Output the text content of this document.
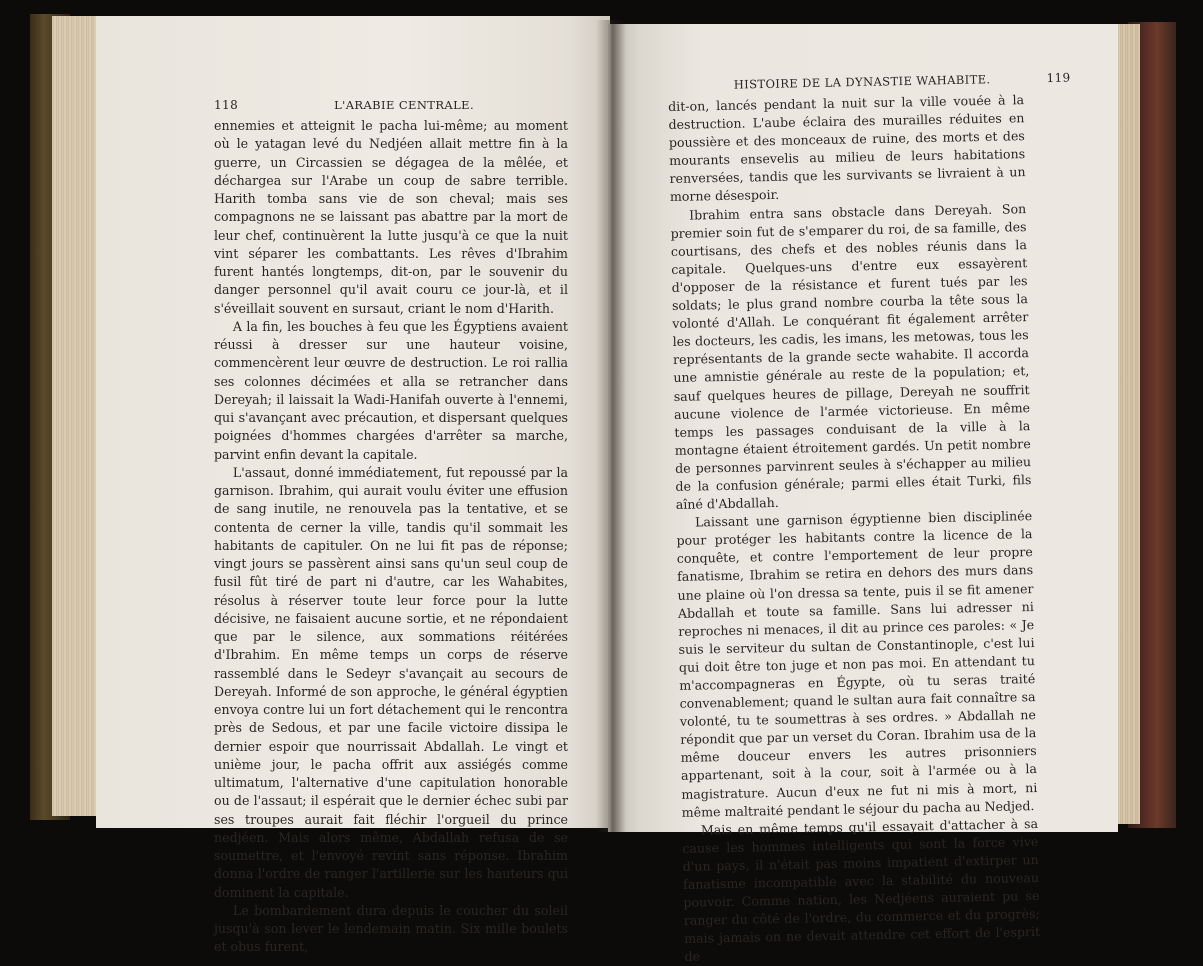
118	L'ARABIE CENTRALE.

ennemies et atteignit le pacha lui-même; au moment où le yatagan levé du Nedjéen allait mettre fin à la guerre, un Circassien se dégagea de la mêlée, et déchargea sur l'Arabe un coup de sabre terrible. Harith tomba sans vie de son cheval; mais ses compagnons ne se laissant pas abattre par la mort de leur chef, continuèrent la lutte jusqu'à ce que la nuit vint séparer les combattants. Les rêves d'Ibrahim furent hantés longtemps, dit-on, par le souvenir du danger personnel qu'il avait couru ce jour-là, et il s'éveillait souvent en sursaut, criant le nom d'Harith.

A la fin, les bouches à feu que les Égyptiens avaient réussi à dresser sur une hauteur voisine, commencèrent leur œuvre de destruction. Le roi rallia ses colonnes décimées et alla se retrancher dans Dereyah; il laissait la Wadi-Hanifah ouverte à l'ennemi, qui s'avançant avec précaution, et dispersant quelques poignées d'hommes chargées d'arrêter sa marche, parvint enfin devant la capitale.

L'assaut, donné immédiatement, fut repoussé par la garnison. Ibrahim, qui aurait voulu éviter une effusion de sang inutile, ne renouvela pas la tentative, et se contenta de cerner la ville, tandis qu'il sommait les habitants de capituler. On ne lui fit pas de réponse; vingt jours se passèrent ainsi sans qu'un seul coup de fusil fût tiré de part ni d'autre, car les Wahabites, résolus à réserver toute leur force pour la lutte décisive, ne faisaient aucune sortie, et ne répondaient que par le silence, aux sommations réitérées d'Ibrahim. En même temps un corps de réserve rassemblé dans le Sedeyr s'avançait au secours de Dereyah. Informé de son approche, le général égyptien envoya contre lui un fort détachement qui le rencontra près de Sedous, et par une facile victoire dissipa le dernier espoir que nourrissait Abdallah. Le vingt et unième jour, le pacha offrit aux assiégés comme ultimatum, l'alternative d'une capitulation honorable ou de l'assaut; il espérait que le dernier échec subi par ses troupes aurait fait fléchir l'orgueil du prince nedjéen. Mais alors même, Abdallah refusa de se soumettre, et l'envoyé revint sans réponse. Ibrahim donna l'ordre de ranger l'artillerie sur les hauteurs qui dominent la capitale.

Le bombardement dura depuis le coucher du soleil jusqu'à son lever le lendemain matin. Six mille boulets et obus furent,

HISTOIRE DE LA DYNASTIE WAHABITE.	119

dit-on, lancés pendant la nuit sur la ville vouée à la destruction. L'aube éclaira des murailles réduites en poussière et des monceaux de ruine, des morts et des mourants ensevelis au milieu de leurs habitations renversées, tandis que les survivants se livraient à un morne désespoir.

Ibrahim entra sans obstacle dans Dereyah. Son premier soin fut de s'emparer du roi, de sa famille, des courtisans, des chefs et des nobles réunis dans la capitale. Quelques-uns d'entre eux essayèrent d'opposer de la résistance et furent tués par les soldats; le plus grand nombre courba la tête sous la volonté d'Allah. Le conquérant fit également arrêter les docteurs, les cadis, les imans, les metowas, tous les représentants de la grande secte wahabite. Il accorda une amnistie générale au reste de la population; et, sauf quelques heures de pillage, Dereyah ne souffrit aucune violence de l'armée victorieuse. En même temps les passages conduisant de la ville à la montagne étaient étroitement gardés. Un petit nombre de personnes parvinrent seules à s'échapper au milieu de la confusion générale; parmi elles était Turki, fils aîné d'Abdallah.

Laissant une garnison égyptienne bien disciplinée pour protéger les habitants contre la licence de la conquête, et contre l'emportement de leur propre fanatisme, Ibrahim se retira en dehors des murs dans une plaine où l'on dressa sa tente, puis il se fit amener Abdallah et toute sa famille. Sans lui adresser ni reproches ni menaces, il dit au prince ces paroles: « Je suis le serviteur du sultan de Constantinople, c'est lui qui doit être ton juge et non pas moi. En attendant tu m'accompagneras en Égypte, où tu seras traité convenablement; quand le sultan aura fait connaître sa volonté, tu te soumettras à ses ordres. » Abdallah ne répondit que par un verset du Coran. Ibrahim usa de la même douceur envers les autres prisonniers appartenant, soit à la cour, soit à l'armée ou à la magistrature. Aucun d'eux ne fut ni mis à mort, ni même maltraité pendant le séjour du pacha au Nedjed.

Mais en même temps qu'il essayait d'attacher à sa cause les hommes intelligents qui sont la force vive d'un pays, il n'était pas moins impatient d'extirper un fanatisme incompatible avec la stabilité du nouveau pouvoir. Comme nation, les Nedjéens auraient pu se ranger du côté de l'ordre, du commerce et du progrès; mais jamais on ne devait attendre cet effort de l'esprit de
